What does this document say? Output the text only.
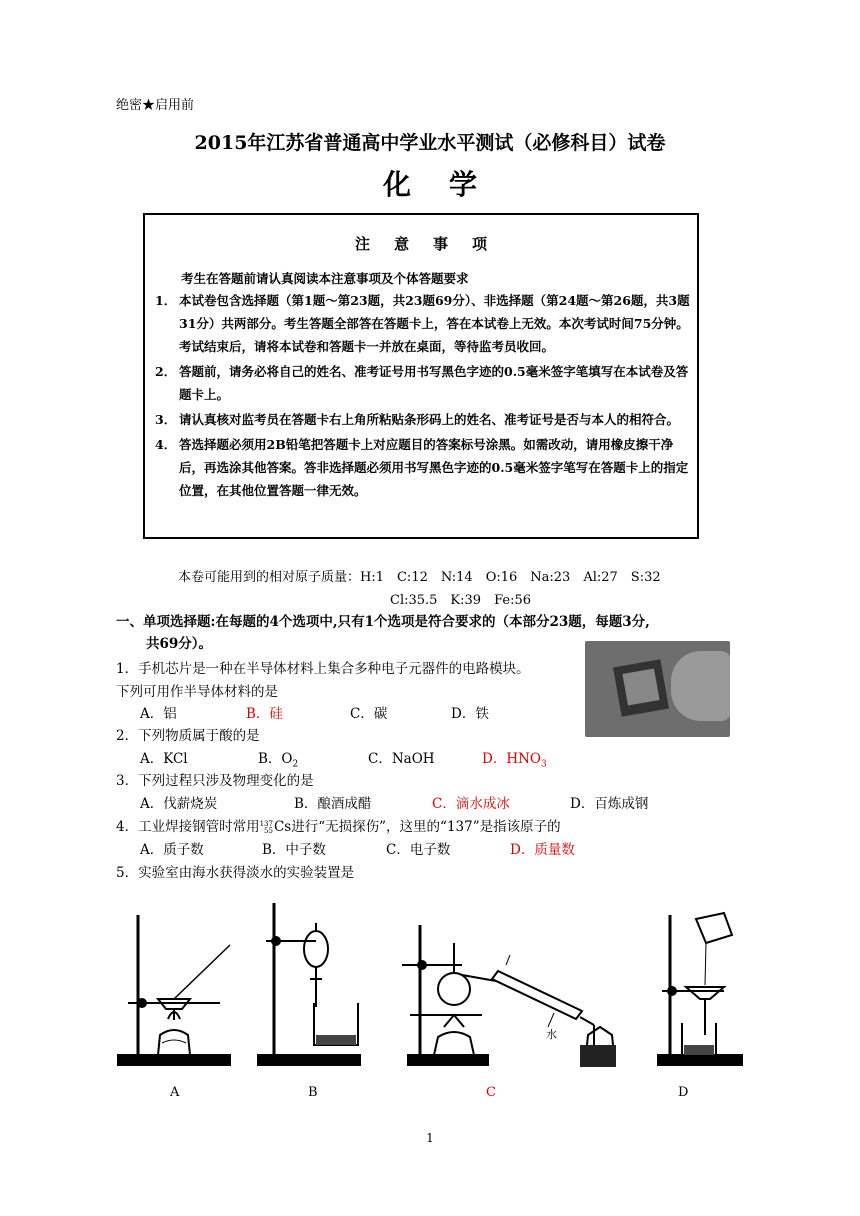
绝密★启用前
2015年江苏省普通高中学业水平测试（必修科目）试卷
化学
注意事项
考生在答题前请认真阅读本注意事项及个体答题要求
1． 本试卷包含选择题（第1题～第23题，共23题69分）、非选择题（第24题～第26题，共3题31分）共两部分。考生答题全部答在答题卡上，答在本试卷上无效。本次考试时间75分钟。考试结束后，请将本试卷和答题卡一并放在桌面，等待监考员收回。
2． 答题前，请务必将自己的姓名、准考证号用书写黑色字迹的0.5毫米签字笔填写在本试卷及答题卡上。
3． 请认真核对监考员在答题卡右上角所粘贴条形码上的姓名、准考证号是否与本人的相符合。
4． 答选择题必须用2B铅笔把答题卡上对应题目的答案标号涂黑。如需改动，请用橡皮擦干净后，再选涂其他答案。答非选择题必须用书写黑色字迹的0.5毫米签字笔写在答题卡上的指定位置，在其他位置答题一律无效。
本卷可能用到的相对原子质量：H:1　C:12　N:14　O:16　Na:23　Al:27　S:32
Cl:35.5　K:39　Fe:56
一、单项选择题:在每题的4个选项中,只有1个选项是符合要求的（本部分23题，每题3分,
共69分）。
1．手机芯片是一种在半导体材料上集合多种电子元器件的电路模块。
下列可用作半导体材料的是
A．铝	B．硅	C．碳	D．铁
2．下列物质属于酸的是
A．KCl	B．$O_2$	C．NaOH	D．$HNO_3$
3．下列过程只涉及物理变化的是
A．伐薪烧炭	B．酿酒成醋	C．滴水成冰	D．百炼成钢
4．工业焊接钢管时常用 137
55 Cs进行“无损探伤”，这里的“137”是指该原子的
A．质子数	B．中子数	C．电子数	D．质量数
5．实验室由海水获得淡水的实验装置是
水
A	B	C	D
1
